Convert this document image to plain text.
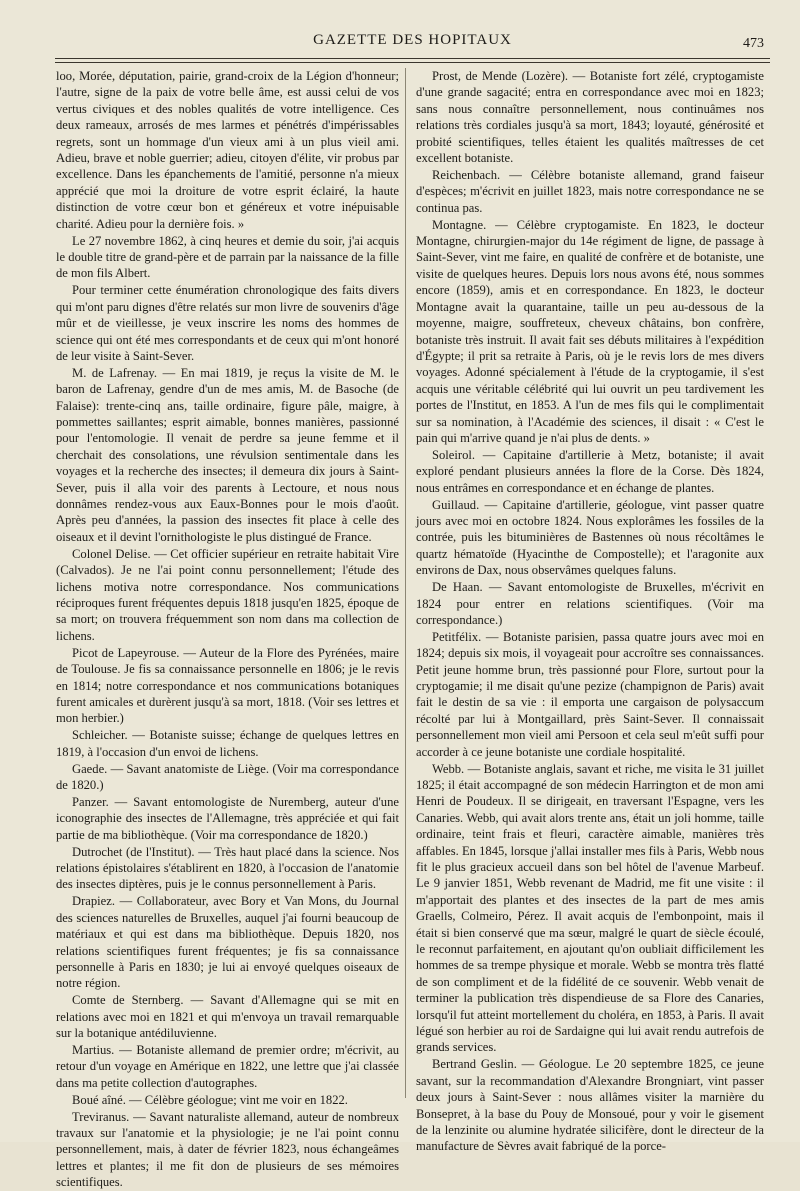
GAZETTE DES HOPITAUX	473

loo, Morée, députation, pairie, grand-croix de la Légion d'honneur; l'autre, signe de la paix de votre belle âme, est aussi celui de vos vertus civiques et des nobles qualités de votre intelligence. Ces deux rameaux, arrosés de mes larmes et pénétrés d'impérissables regrets, sont un hommage d'un vieux ami à un plus vieil ami. Adieu, brave et noble guerrier; adieu, citoyen d'élite, vir probus par excellence. Dans les épanchements de l'amitié, personne n'a mieux apprécié que moi la droiture de votre esprit éclairé, la haute distinction de votre cœur bon et généreux et votre inépuisable charité. Adieu pour la dernière fois. »

Le 27 novembre 1862, à cinq heures et demie du soir, j'ai acquis le double titre de grand-père et de parrain par la naissance de la fille de mon fils Albert.

Pour terminer cette énumération chronologique des faits divers qui m'ont paru dignes d'être relatés sur mon livre de souvenirs d'âge mûr et de vieillesse, je veux inscrire les noms des hommes de science qui ont été mes correspondants et de ceux qui m'ont honoré de leur visite à Saint-Sever.

M. de Lafrenay. — En mai 1819, je reçus la visite de M. le baron de Lafrenay, gendre d'un de mes amis, M. de Basoche (de Falaise): trente-cinq ans, taille ordinaire, figure pâle, maigre, à pommettes saillantes; esprit aimable, bonnes manières, passionné pour l'entomologie. Il venait de perdre sa jeune femme et il cherchait des consolations, une révulsion sentimentale dans les voyages et la recherche des insectes; il demeura dix jours à Saint-Sever, puis il alla voir des parents à Lectoure, et nous nous donnâmes rendez-vous aux Eaux-Bonnes pour le mois d'août. Après peu d'années, la passion des insectes fit place à celle des oiseaux et il devint l'ornithologiste le plus distingué de France.

Colonel Delise. — Cet officier supérieur en retraite habitait Vire (Calvados). Je ne l'ai point connu personnellement; l'étude des lichens motiva notre correspondance. Nos communications réciproques furent fréquentes depuis 1818 jusqu'en 1825, époque de sa mort; on trouvera fréquemment son nom dans ma collection de lichens.

Picot de Lapeyrouse. — Auteur de la Flore des Pyrénées, maire de Toulouse. Je fis sa connaissance personnelle en 1806; je le revis en 1814; notre correspondance et nos communications botaniques furent amicales et durèrent jusqu'à sa mort, 1818. (Voir ses lettres et mon herbier.)

Schleicher. — Botaniste suisse; échange de quelques lettres en 1819, à l'occasion d'un envoi de lichens.

Gaede. — Savant anatomiste de Liège. (Voir ma correspondance de 1820.)

Panzer. — Savant entomologiste de Nuremberg, auteur d'une iconographie des insectes de l'Allemagne, très appréciée et qui fait partie de ma bibliothèque. (Voir ma correspondance de 1820.)

Dutrochet (de l'Institut). — Très haut placé dans la science. Nos relations épistolaires s'établirent en 1820, à l'occasion de l'anatomie des insectes diptères, puis je le connus personnellement à Paris.

Drapiez. — Collaborateur, avec Bory et Van Mons, du Journal des sciences naturelles de Bruxelles, auquel j'ai fourni beaucoup de matériaux et qui est dans ma bibliothèque. Depuis 1820, nos relations scientifiques furent fréquentes; je fis sa connaissance personnelle à Paris en 1830; je lui ai envoyé quelques oiseaux de notre région.

Comte de Sternberg. — Savant d'Allemagne qui se mit en relations avec moi en 1821 et qui m'envoya un travail remarquable sur la botanique antédiluvienne.

Martius. — Botaniste allemand de premier ordre; m'écrivit, au retour d'un voyage en Amérique en 1822, une lettre que j'ai classée dans ma petite collection d'autographes.

Boué aîné. — Célèbre géologue; vint me voir en 1822.

Treviranus. — Savant naturaliste allemand, auteur de nombreux travaux sur l'anatomie et la physiologie; je ne l'ai point connu personnellement, mais, à dater de février 1823, nous échangeâmes lettres et plantes; il me fit don de plusieurs de ses mémoires scientifiques.

Prost, de Mende (Lozère). — Botaniste fort zélé, cryptogamiste d'une grande sagacité; entra en correspondance avec moi en 1823; sans nous connaître personnellement, nous continuâmes nos relations très cordiales jusqu'à sa mort, 1843; loyauté, générosité et probité scientifiques, telles étaient les qualités maîtresses de cet excellent botaniste.

Reichenbach. — Célèbre botaniste allemand, grand faiseur d'espèces; m'écrivit en juillet 1823, mais notre correspondance ne se continua pas.

Montagne. — Célèbre cryptogamiste. En 1823, le docteur Montagne, chirurgien-major du 14e régiment de ligne, de passage à Saint-Sever, vint me faire, en qualité de confrère et de botaniste, une visite de quelques heures. Depuis lors nous avons été, nous sommes encore (1859), amis et en correspondance. En 1823, le docteur Montagne avait la quarantaine, taille un peu au-dessous de la moyenne, maigre, souffreteux, cheveux châtains, bon confrère, botaniste très instruit. Il avait fait ses débuts militaires à l'expédition d'Égypte; il prit sa retraite à Paris, où je le revis lors de mes divers voyages. Adonné spécialement à l'étude de la cryptogamie, il s'est acquis une véritable célébrité qui lui ouvrit un peu tardivement les portes de l'Institut, en 1853. A l'un de mes fils qui le complimentait sur sa nomination, à l'Académie des sciences, il disait : « C'est le pain qui m'arrive quand je n'ai plus de dents. »

Soleirol. — Capitaine d'artillerie à Metz, botaniste; il avait exploré pendant plusieurs années la flore de la Corse. Dès 1824, nous entrâmes en correspondance et en échange de plantes.

Guillaud. — Capitaine d'artillerie, géologue, vint passer quatre jours avec moi en octobre 1824. Nous explorâmes les fossiles de la contrée, puis les bituminières de Bastennes où nous récoltâmes le quartz hématoïde (Hyacinthe de Compostelle); et l'aragonite aux environs de Dax, nous observâmes quelques faluns.

De Haan. — Savant entomologiste de Bruxelles, m'écrivit en 1824 pour entrer en relations scientifiques. (Voir ma correspondance.)

Petitfélix. — Botaniste parisien, passa quatre jours avec moi en 1824; depuis six mois, il voyageait pour accroître ses connaissances. Petit jeune homme brun, très passionné pour Flore, surtout pour la cryptogamie; il me disait qu'une pezize (champignon de Paris) avait fait le destin de sa vie : il emporta une cargaison de polysaccum récolté par lui à Montgaillard, près Saint-Sever. Il connaissait personnellement mon vieil ami Persoon et cela seul m'eût suffi pour accorder à ce jeune botaniste une cordiale hospitalité.

Webb. — Botaniste anglais, savant et riche, me visita le 31 juillet 1825; il était accompagné de son médecin Harrington et de mon ami Henri de Poudeux. Il se dirigeait, en traversant l'Espagne, vers les Canaries. Webb, qui avait alors trente ans, était un joli homme, taille ordinaire, teint frais et fleuri, caractère aimable, manières très affables. En 1845, lorsque j'allai installer mes fils à Paris, Webb nous fit le plus gracieux accueil dans son bel hôtel de l'avenue Marbeuf. Le 9 janvier 1851, Webb revenant de Madrid, me fit une visite : il m'apportait des plantes et des insectes de la part de mes amis Graells, Colmeiro, Pérez. Il avait acquis de l'embonpoint, mais il était si bien conservé que ma sœur, malgré le quart de siècle écoulé, le reconnut parfaitement, en ajoutant qu'on oubliait difficilement les hommes de sa trempe physique et morale. Webb se montra très flatté de son compliment et de la fidélité de ce souvenir. Webb venait de terminer la publication très dispendieuse de sa Flore des Canaries, lorsqu'il fut atteint mortellement du choléra, en 1853, à Paris. Il avait légué son herbier au roi de Sardaigne qui lui avait rendu autrefois de grands services.

Bertrand Geslin. — Géologue. Le 20 septembre 1825, ce jeune savant, sur la recommandation d'Alexandre Brongniart, vint passer deux jours à Saint-Sever : nous allâmes visiter la marnière du Bonsepret, à la base du Pouy de Monsoué, pour y voir le gisement de la lenzinite ou alumine hydratée silicifère, dont le directeur de la manufacture de Sèvres avait fabriqué de la porce-
